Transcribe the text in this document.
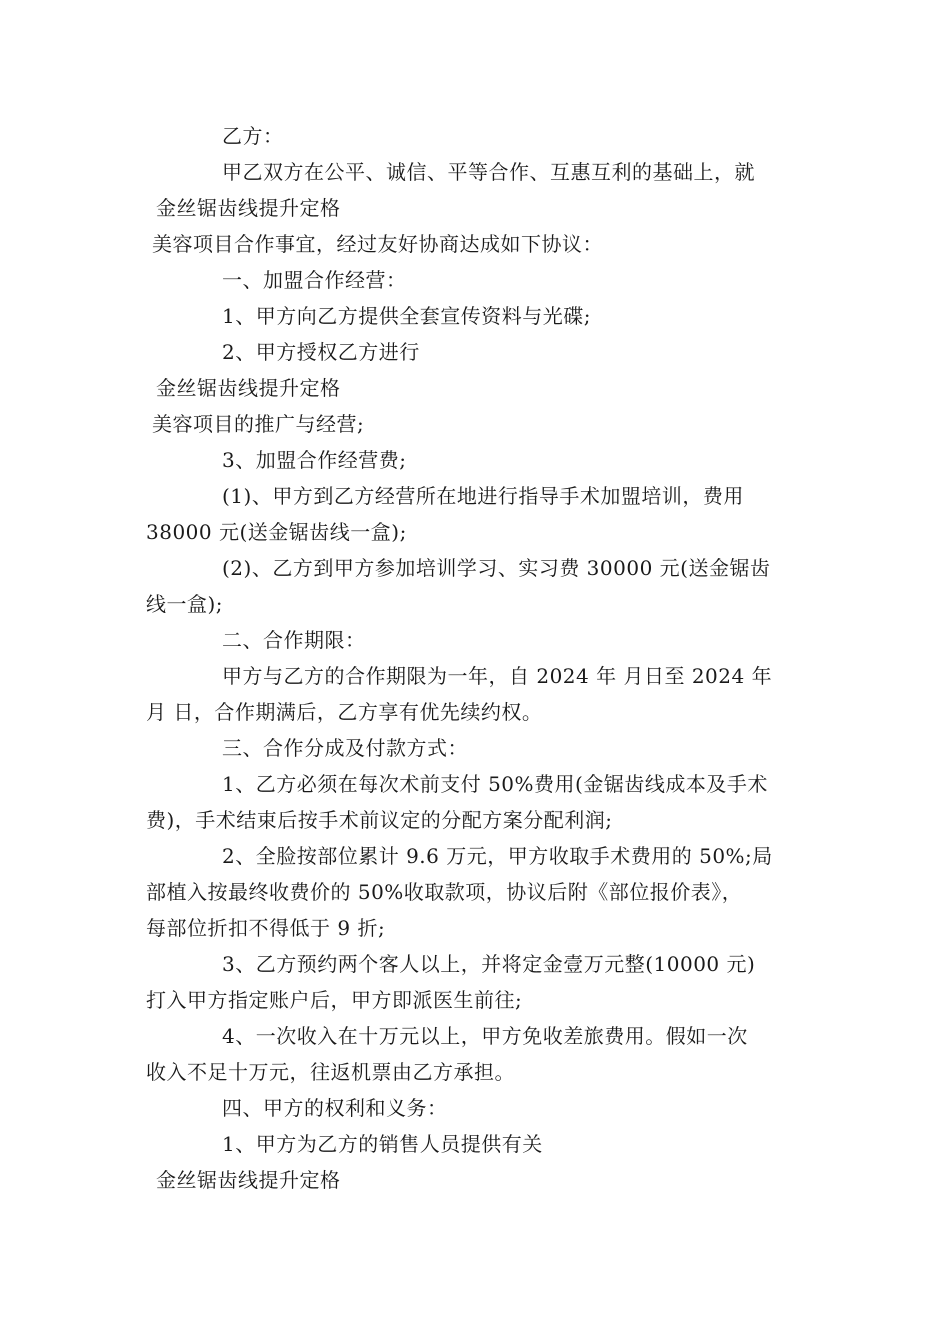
乙方：
甲乙双方在公平、诚信、平等合作、互惠互利的基础上，就
金丝锯齿线提升定格
美容项目合作事宜，经过友好协商达成如下协议：
一、加盟合作经营：
1、甲方向乙方提供全套宣传资料与光碟;
2、甲方授权乙方进行
金丝锯齿线提升定格
美容项目的推广与经营;
3、加盟合作经营费;
(1)、甲方到乙方经营所在地进行指导手术加盟培训，费用
38000 元(送金锯齿线一盒);
(2)、乙方到甲方参加培训学习、实习费 30000 元(送金锯齿
线一盒);
二、合作期限：
甲方与乙方的合作期限为一年，自 2024 年 月日至 2024 年
月 日，合作期满后，乙方享有优先续约权。
三、合作分成及付款方式：
1、乙方必须在每次术前支付 50%费用(金锯齿线成本及手术
费)，手术结束后按手术前议定的分配方案分配利润;
2、全脸按部位累计 9.6 万元，甲方收取手术费用的 50%;局
部植入按最终收费价的 50%收取款项，协议后附《部位报价表》，
每部位折扣不得低于 9 折;
3、乙方预约两个客人以上，并将定金壹万元整(10000 元)
打入甲方指定账户后，甲方即派医生前往;
4、一次收入在十万元以上，甲方免收差旅费用。假如一次
收入不足十万元，往返机票由乙方承担。
四、甲方的权利和义务：
1、甲方为乙方的销售人员提供有关
金丝锯齿线提升定格
